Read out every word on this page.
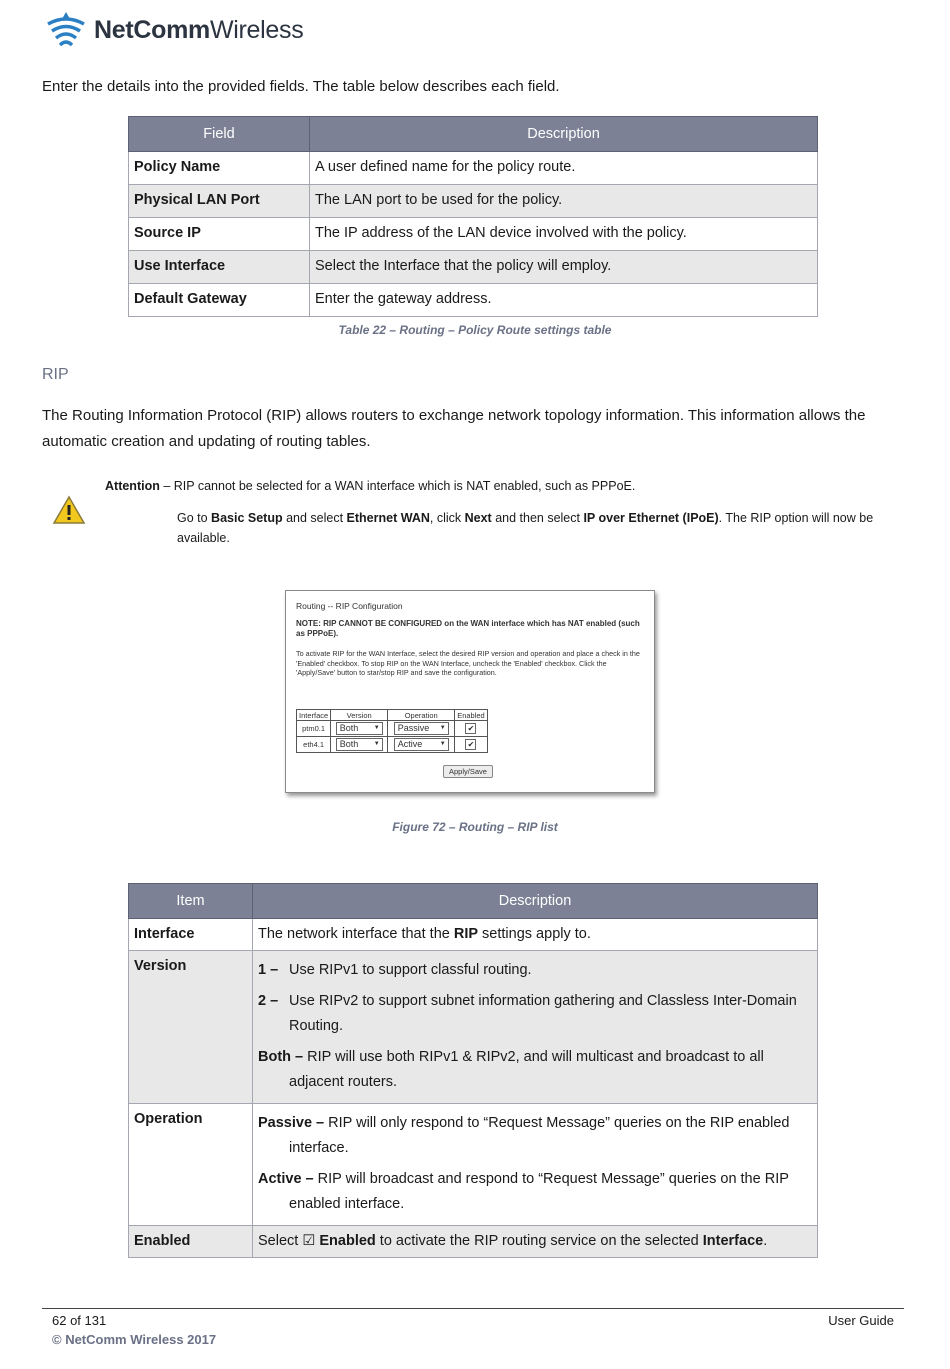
NetCommWireless
Enter the details into the provided fields. The table below describes each field.
Field	Description
Policy Name	A user defined name for the policy route.
Physical LAN Port	The LAN port to be used for the policy.
Source IP	The IP address of the LAN device involved with the policy.
Use Interface	Select the Interface that the policy will employ.
Default Gateway	Enter the gateway address.
Table 22 – Routing – Policy Route settings table
RIP
The Routing Information Protocol (RIP) allows routers to exchange network topology information. This information allows the automatic creation and updating of routing tables.
Attention – RIP cannot be selected for a WAN interface which is NAT enabled, such as PPPoE.
Go to Basic Setup and select Ethernet WAN, click Next and then select IP over Ethernet (IPoE). The RIP option will now be available.
Routing -- RIP Configuration
NOTE: RIP CANNOT BE CONFIGURED on the WAN interface which has NAT enabled (such as PPPoE).
To activate RIP for the WAN Interface, select the desired RIP version and operation and place a check in the 'Enabled' checkbox. To stop RIP on the WAN Interface, uncheck the 'Enabled' checkbox. Click the 'Apply/Save' button to star/stop RIP and save the configuration.
Interface	Version	Operation	Enabled
ptm0.1	Both ▼	Passive ▼	✔
eth4.1	Both ▼	Active ▼	✔
Apply/Save
Figure 72 – Routing – RIP list
Item	Description
Interface	The network interface that the RIP settings apply to.
Version	1 – Use RIPv1 to support classful routing.
2 – Use RIPv2 to support subnet information gathering and Classless Inter-Domain
Routing.
Both – RIP will use both RIPv1 & RIPv2, and will multicast and broadcast to all
adjacent routers.

Operation	Passive – RIP will only respond to “Request Message” queries on the RIP enabled
interface.
Active – RIP will broadcast and respond to “Request Message” queries on the RIP
enabled interface.

Enabled	Select ☑ Enabled to activate the RIP routing service on the selected Interface.
62 of 131	User Guide
© NetComm Wireless 2017
